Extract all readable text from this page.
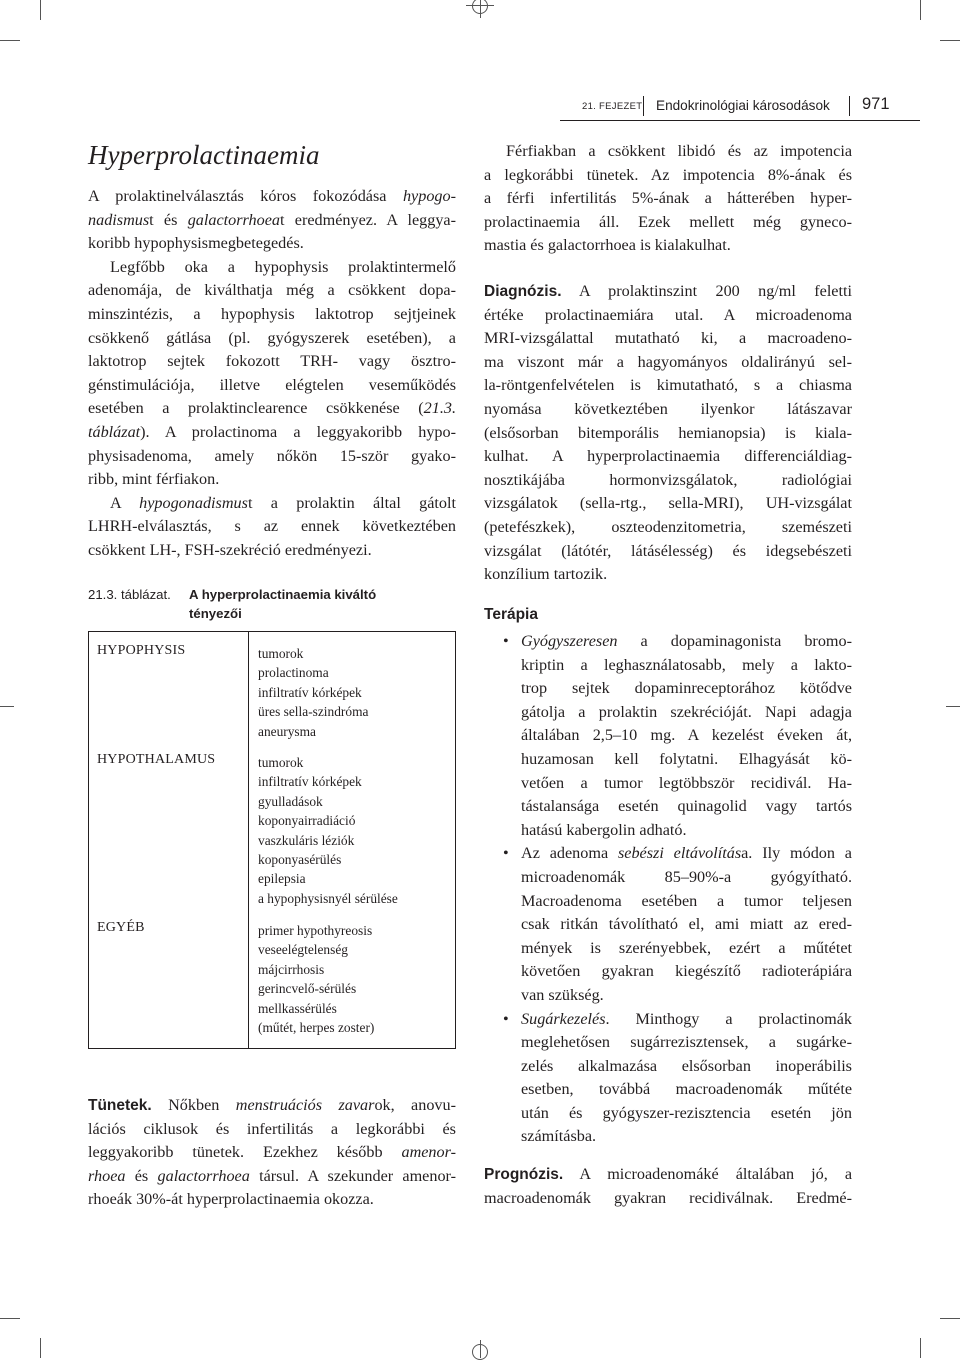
21. FEJEZET Endokrinológiai károsodások 971
Hyperprolactinaemia

A prolaktinelválasztás kóros fokozódása hypogo-
nadismust és galactorrhoeat eredményez. A leggya-
koribb hypophysismegbetegedés.

Legfőbb oka a hypophysis prolaktintermelő
adenomája, de kiválthatja még a csökkent dopa-
minszintézis, a hypophysis laktotrop sejtjeinek
csökkenő gátlása (pl. gyógyszerek esetében), a
laktotrop sejtek fokozott TRH- vagy ösztro-
génstimulációja, illetve elégtelen veseműködés
esetében a prolaktinclearence csökkenése (21.3.
táblázat). A prolactinoma a leggyakoribb hypo-
physisadenoma, amely nőkön 15-ször gyako-
ribb, mint férfiakon.

A hypogonadismust a prolaktin által gátolt
LHRH-elválasztás, s az ennek következtében
csökkent LH-, FSH-szekréció eredményezi.

21.3. táblázat. A hyperprolactinaemia kiváltó
tényezői
HYPOPHYSIS	tumorok
prolactinoma
infiltratív kórképek
üres sella-szindróma
aneurysma
HYPOTHALAMUS	tumorok
infiltratív kórképek
gyulladások
koponyairradiáció
vaszkuláris léziók
koponyasérülés
epilepsia
a hypophysisnyél sérülése
EGYÉB	primer hypothyreosis
veseelégtelenség
májcirrhosis
gerincvelő-sérülés
mellkassérülés
(műtét, herpes zoster)
Tünetek. Nőkben menstruációs zavarok, anovu-
lációs ciklusok és infertilitás a legkorábbi és
leggyakoribb tünetek. Ezekhez később amenor-
rhoea és galactorrhoea társul. A szekunder amenor-
rhoeák 30%-át hyperprolactinaemia okozza.
Férfiakban a csökkent libidó és az impotencia
a legkorábbi tünetek. Az impotencia 8%-ának és
a férfi infertilitás 5%-ának a hátterében hyper-
prolactinaemia áll. Ezek mellett még gyneco-
mastia és galactorrhoea is kialakulhat.
Diagnózis. A prolaktinszint 200 ng/ml feletti
értéke prolactinaemiára utal. A microadenoma
MRI-vizsgálattal mutatható ki, a macroadeno-
ma viszont már a hagyományos oldalirányú sel-
la-röntgenfelvételen is kimutatható, s a chiasma
nyomása következtében ilyenkor látászavar
(elsősorban bitemporális hemianopsia) is kiala-
kulhat. A hyperprolactinaemia differenciáldiag-
nosztikájába hormonvizsgálatok, radiológiai
vizsgálatok (sella-rtg., sella-MRI), UH-vizsgálat
(petefészkek), oszteodenzitometria, szemészeti
vizsgálat (látótér, látásélesség) és idegsebészeti
konzílium tartozik.
Terápia
• Gyógyszeresen a dopaminagonista bromo-
kriptin a leghasználatosabb, mely a lakto-
trop sejtek dopaminreceptorához kötődve
gátolja a prolaktin szekrécióját. Napi adagja
általában 2,5–10 mg. A kezelést éveken át,
huzamosan kell folytatni. Elhagyását kö-
vetően a tumor legtöbbször recidivál. Ha-
tástalansága esetén quinagolid vagy tartós
hatású kabergolin adható.
• Az adenoma sebészi eltávolítása. Ily módon a
microadenomák 85–90%-a gyógyítható.
Macroadenoma esetében a tumor teljesen
csak ritkán távolítható el, ami miatt az ered-
mények is szerényebbek, ezért a műtétet
követően gyakran kiegészítő radioterápiára
van szükség.
• Sugárkezelés. Minthogy a prolactinomák
meglehetősen sugárrezisztensek, a sugárke-
zelés alkalmazása elsősorban inoperábilis
esetben, továbbá macroadenomák műtéte
után és gyógyszer-rezisztencia esetén jön
számításba.
Prognózis. A microadenomáké általában jó, a
macroadenomák gyakran recidiválnak. Eredmé-
